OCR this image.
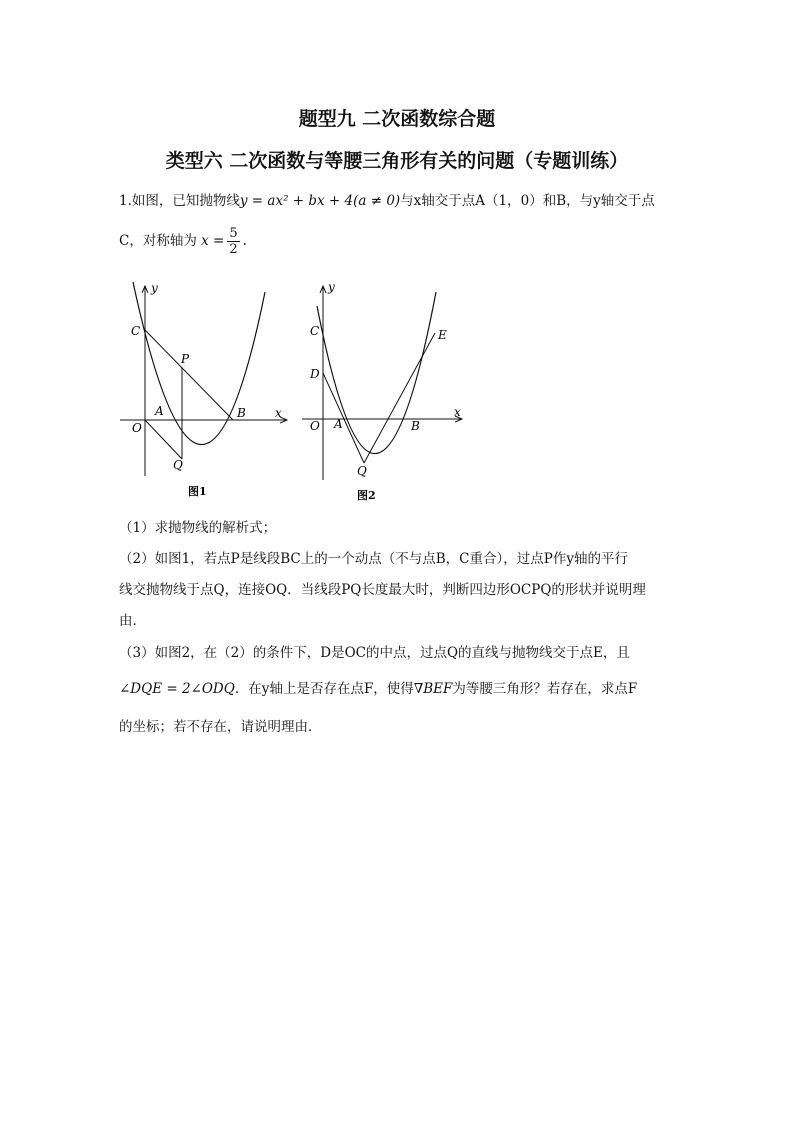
题型九 二次函数综合题
类型六 二次函数与等腰三角形有关的问题（专题训练）
1.如图，已知抛物线y = ax² + bx + 4(a ≠ 0)与x轴交于点A（1，0）和B，与y轴交于点
C，对称轴为 $x = \frac{5}{2}$ .
y
x
C
P
A	B
O
Q
图1
y
x
C
D
E
A	B
O
Q
图2
（1）求抛物线的解析式；
（2）如图1，若点P是线段BC上的一个动点（不与点B，C重合），过点P作y轴的平行
线交抛物线于点Q，连接OQ．当线段PQ长度最大时，判断四边形OCPQ的形状并说明理
由．
（3）如图2，在（2）的条件下，D是OC的中点，过点Q的直线与抛物线交于点E，且
∠DQE = 2∠ODQ．在y轴上是否存在点F，使得∇BEF为等腰三角形？若存在，求点F
的坐标；若不存在，请说明理由．
